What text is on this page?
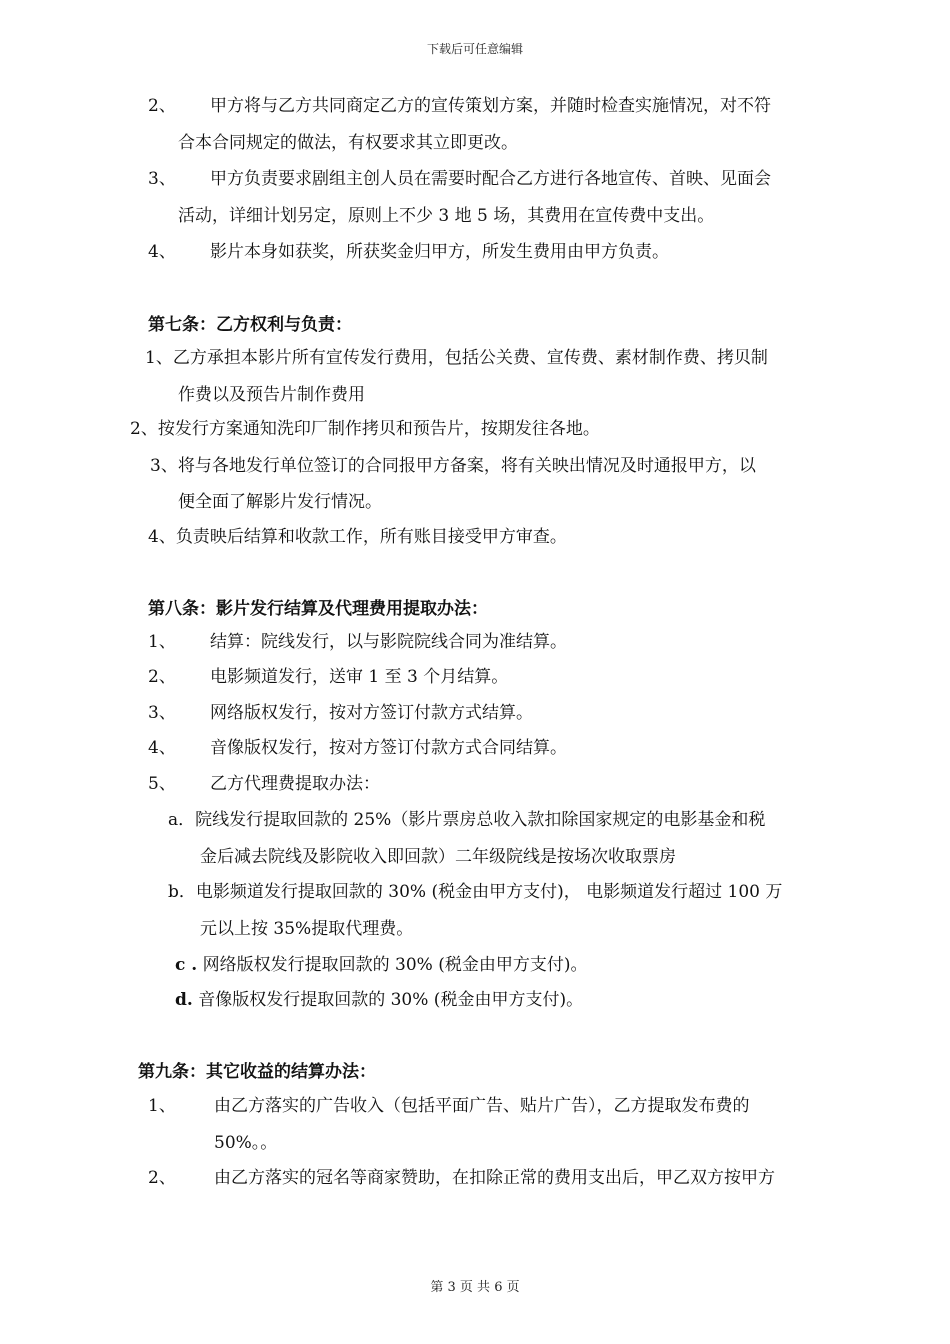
下载后可任意编辑
2、 甲方将与乙方共同商定乙方的宣传策划方案，并随时检查实施情况，对不符
合本合同规定的做法，有权要求其立即更改。
3、 甲方负责要求剧组主创人员在需要时配合乙方进行各地宣传、首映、见面会
活动，详细计划另定，原则上不少 3 地 5 场，其费用在宣传费中支出。
4、 影片本身如获奖，所获奖金归甲方，所发生费用由甲方负责。
第七条：乙方权利与负责：
1、乙方承担本影片所有宣传发行费用，包括公关费、宣传费、素材制作费、拷贝制
作费以及预告片制作费用
2、按发行方案通知洗印厂制作拷贝和预告片，按期发往各地。
3、将与各地发行单位签订的合同报甲方备案，将有关映出情况及时通报甲方，以
便全面了解影片发行情况。
4、负责映后结算和收款工作，所有账目接受甲方审查。
第八条：影片发行结算及代理费用提取办法：
1、 结算：院线发行，以与影院院线合同为准结算。
2、 电影频道发行，送审 1 至 3 个月结算。
3、 网络版权发行，按对方签订付款方式结算。
4、 音像版权发行，按对方签订付款方式合同结算。
5、 乙方代理费提取办法：
a．院线发行提取回款的 25%（影片票房总收入款扣除国家规定的电影基金和税
金后减去院线及影院收入即回款）二年级院线是按场次收取票房
b．电影频道发行提取回款的 30% (税金由甲方支付)， 电影频道发行超过 100 万
元以上按 35%提取代理费。
c . 网络版权发行提取回款的 30% (税金由甲方支付)。
d. 音像版权发行提取回款的 30% (税金由甲方支付)。
第九条：其它收益的结算办法：
1、 由乙方落实的广告收入（包括平面广告、贴片广告），乙方提取发布费的
50%。。
2、 由乙方落实的冠名等商家赞助，在扣除正常的费用支出后，甲乙双方按甲方
第 3 页 共 6 页
